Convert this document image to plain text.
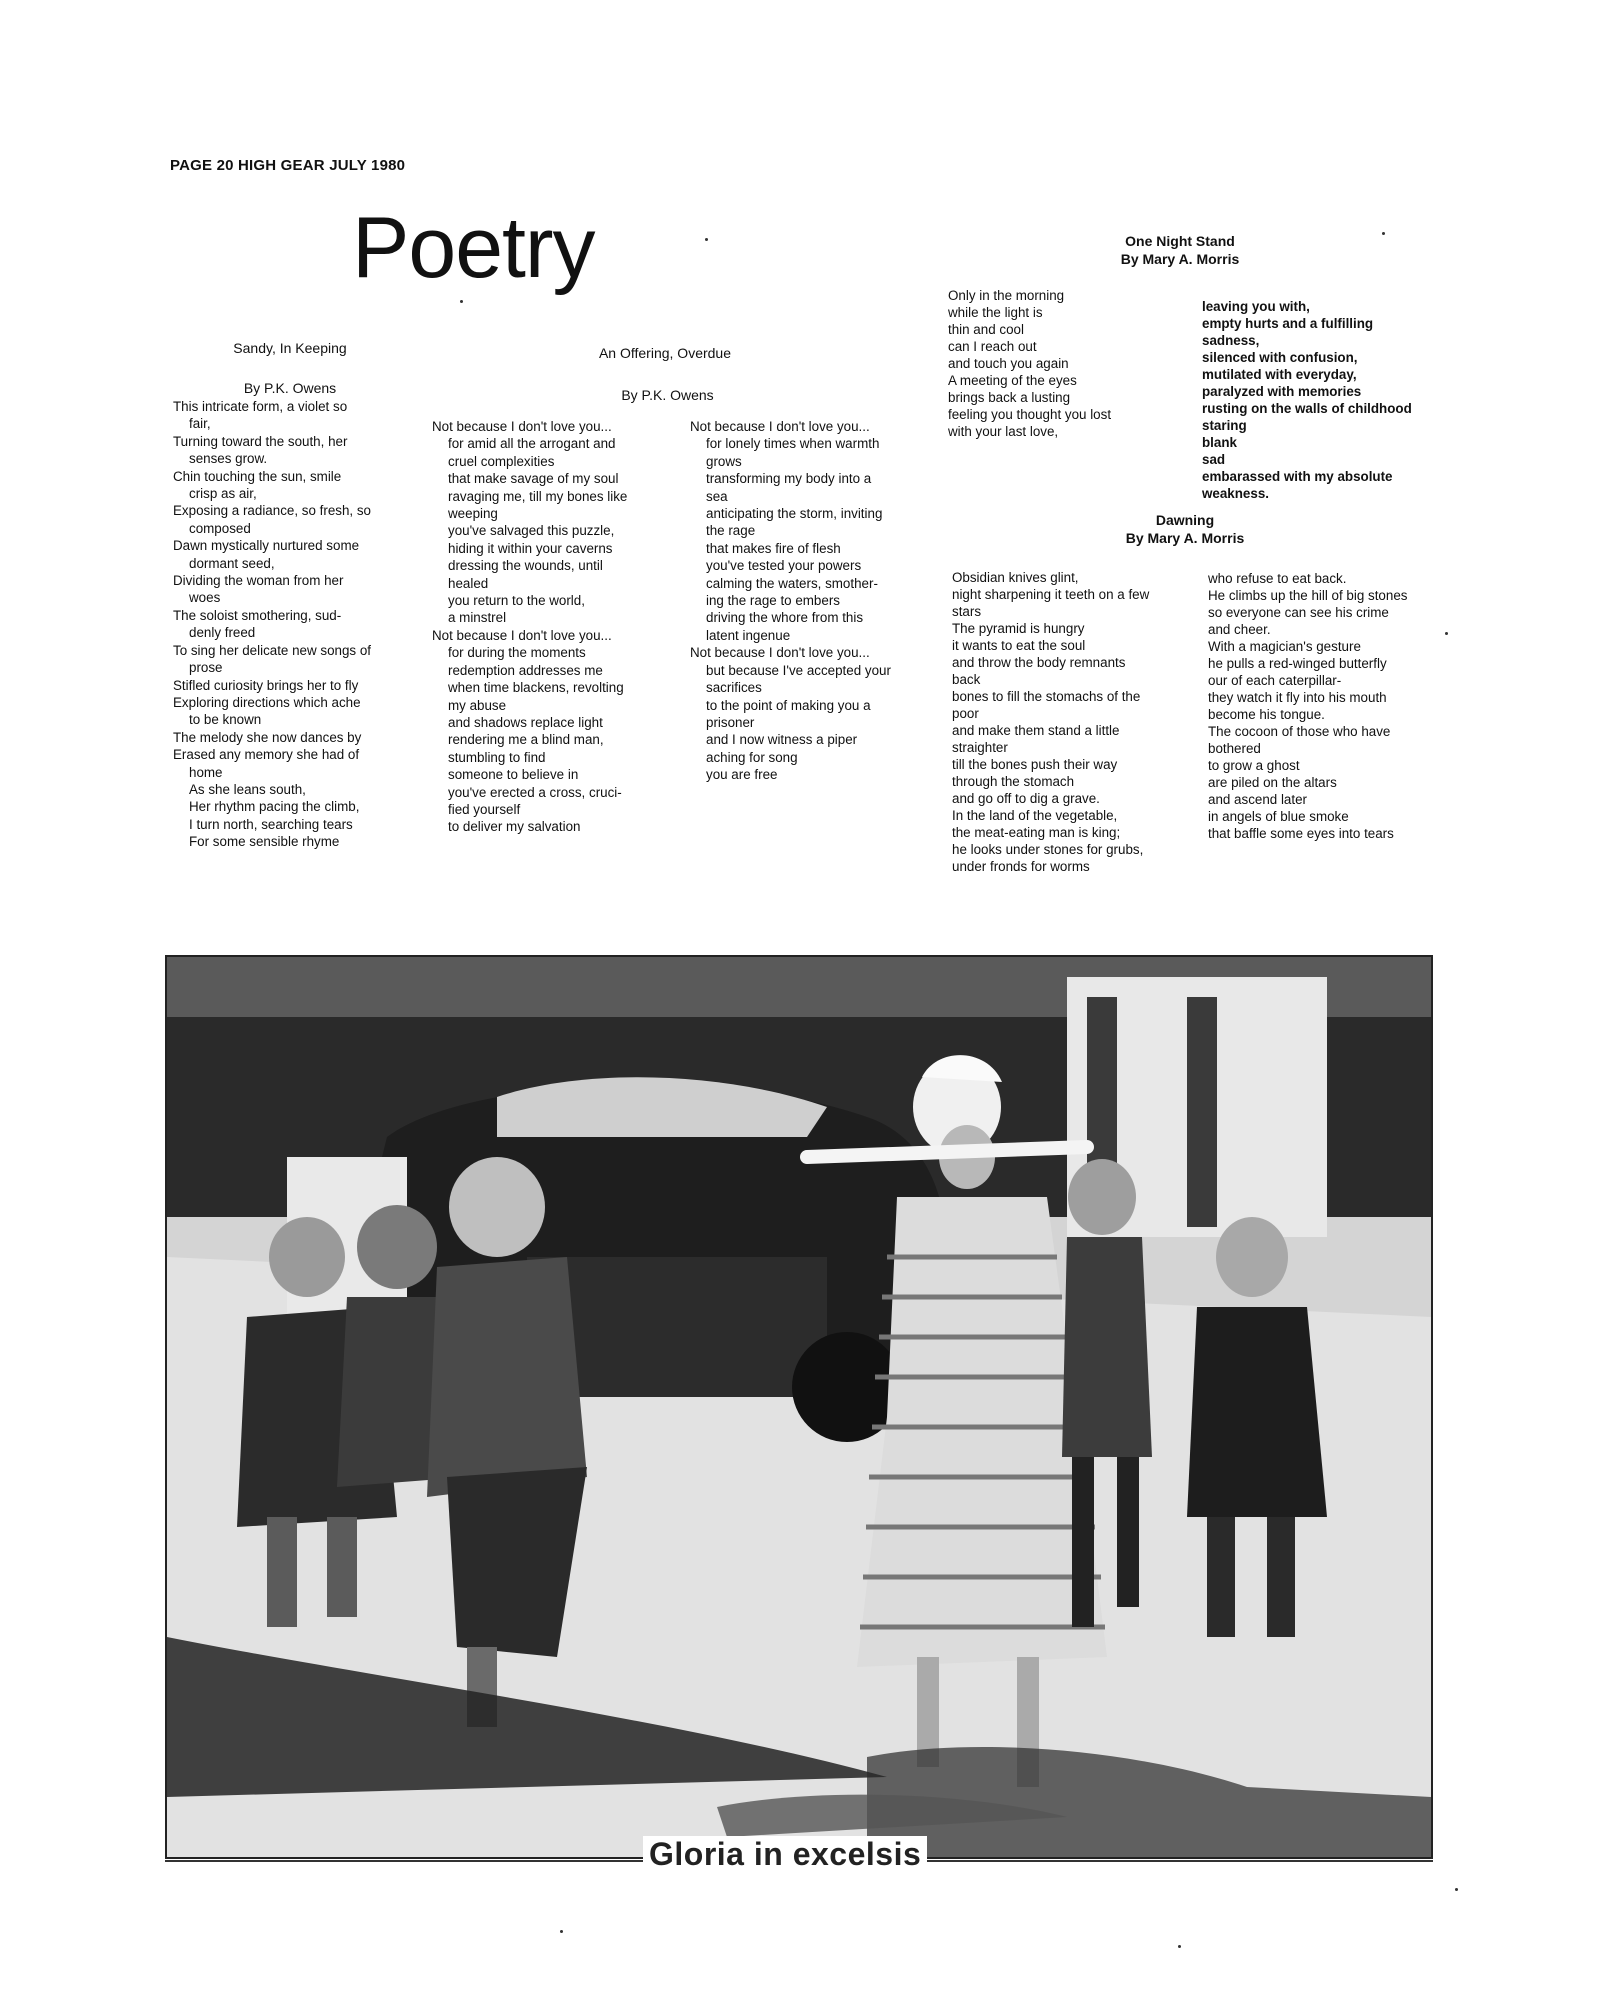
PAGE 20 HIGH GEAR JULY 1980
Poetry
Sandy, In Keeping
By P.K. Owens
This intricate form, a violet so
fair,
Turning toward the south, her
senses grow.
Chin touching the sun, smile
crisp as air,
Exposing a radiance, so fresh, so
composed
Dawn mystically nurtured some
dormant seed,
Dividing the woman from her
woes
The soloist smothering, sud-
denly freed
To sing her delicate new songs of
prose
Stifled curiosity brings her to fly
Exploring directions which ache
to be known
The melody she now dances by
Erased any memory she had of
home
As she leans south,
Her rhythm pacing the climb,
I turn north, searching tears
For some sensible rhyme
An Offering, Overdue
By P.K. Owens
Not because I don't love you...
for amid all the arrogant and
cruel complexities
that make savage of my soul
ravaging me, till my bones like
weeping
you've salvaged this puzzle,
hiding it within your caverns
dressing the wounds, until
healed
you return to the world,
a minstrel
Not because I don't love you...
for during the moments
redemption addresses me
when time blackens, revolting
my abuse
and shadows replace light
rendering me a blind man,
stumbling to find
someone to believe in
you've erected a cross, cruci-
fied yourself
to deliver my salvation
Not because I don't love you...
for lonely times when warmth
grows
transforming my body into a
sea
anticipating the storm, inviting
the rage
that makes fire of flesh
you've tested your powers
calming the waters, smother-
ing the rage to embers
driving the whore from this
latent ingenue
Not because I don't love you...
but because I've accepted your
sacrifices
to the point of making you a
prisoner
and I now witness a piper
aching for song
you are free
One Night Stand
By Mary A. Morris
Only in the morning
while the light is
thin and cool
can I reach out
and touch you again
A meeting of the eyes
brings back a lusting
feeling you thought you lost
with your last love,
leaving you with,
empty hurts and a fulfilling
sadness,
silenced with confusion,
mutilated with everyday,
paralyzed with memories
rusting on the walls of childhood
staring
blank
sad
embarassed with my absolute
weakness.
Dawning
By Mary A. Morris
Obsidian knives glint,
night sharpening it teeth on a few
stars
The pyramid is hungry
it wants to eat the soul
and throw the body remnants
back
bones to fill the stomachs of the
poor
and make them stand a little
straighter
till the bones push their way
through the stomach
and go off to dig a grave.
In the land of the vegetable,
the meat-eating man is king;
he looks under stones for grubs,
under fronds for worms
who refuse to eat back.
He climbs up the hill of big stones
so everyone can see his crime
and cheer.
With a magician's gesture
he pulls a red-winged butterfly
our of each caterpillar-
they watch it fly into his mouth
become his tongue.
The cocoon of those who have
bothered
to grow a ghost
are piled on the altars
and ascend later
in angels of blue smoke
that baffle some eyes into tears
Gloria in excelsis
